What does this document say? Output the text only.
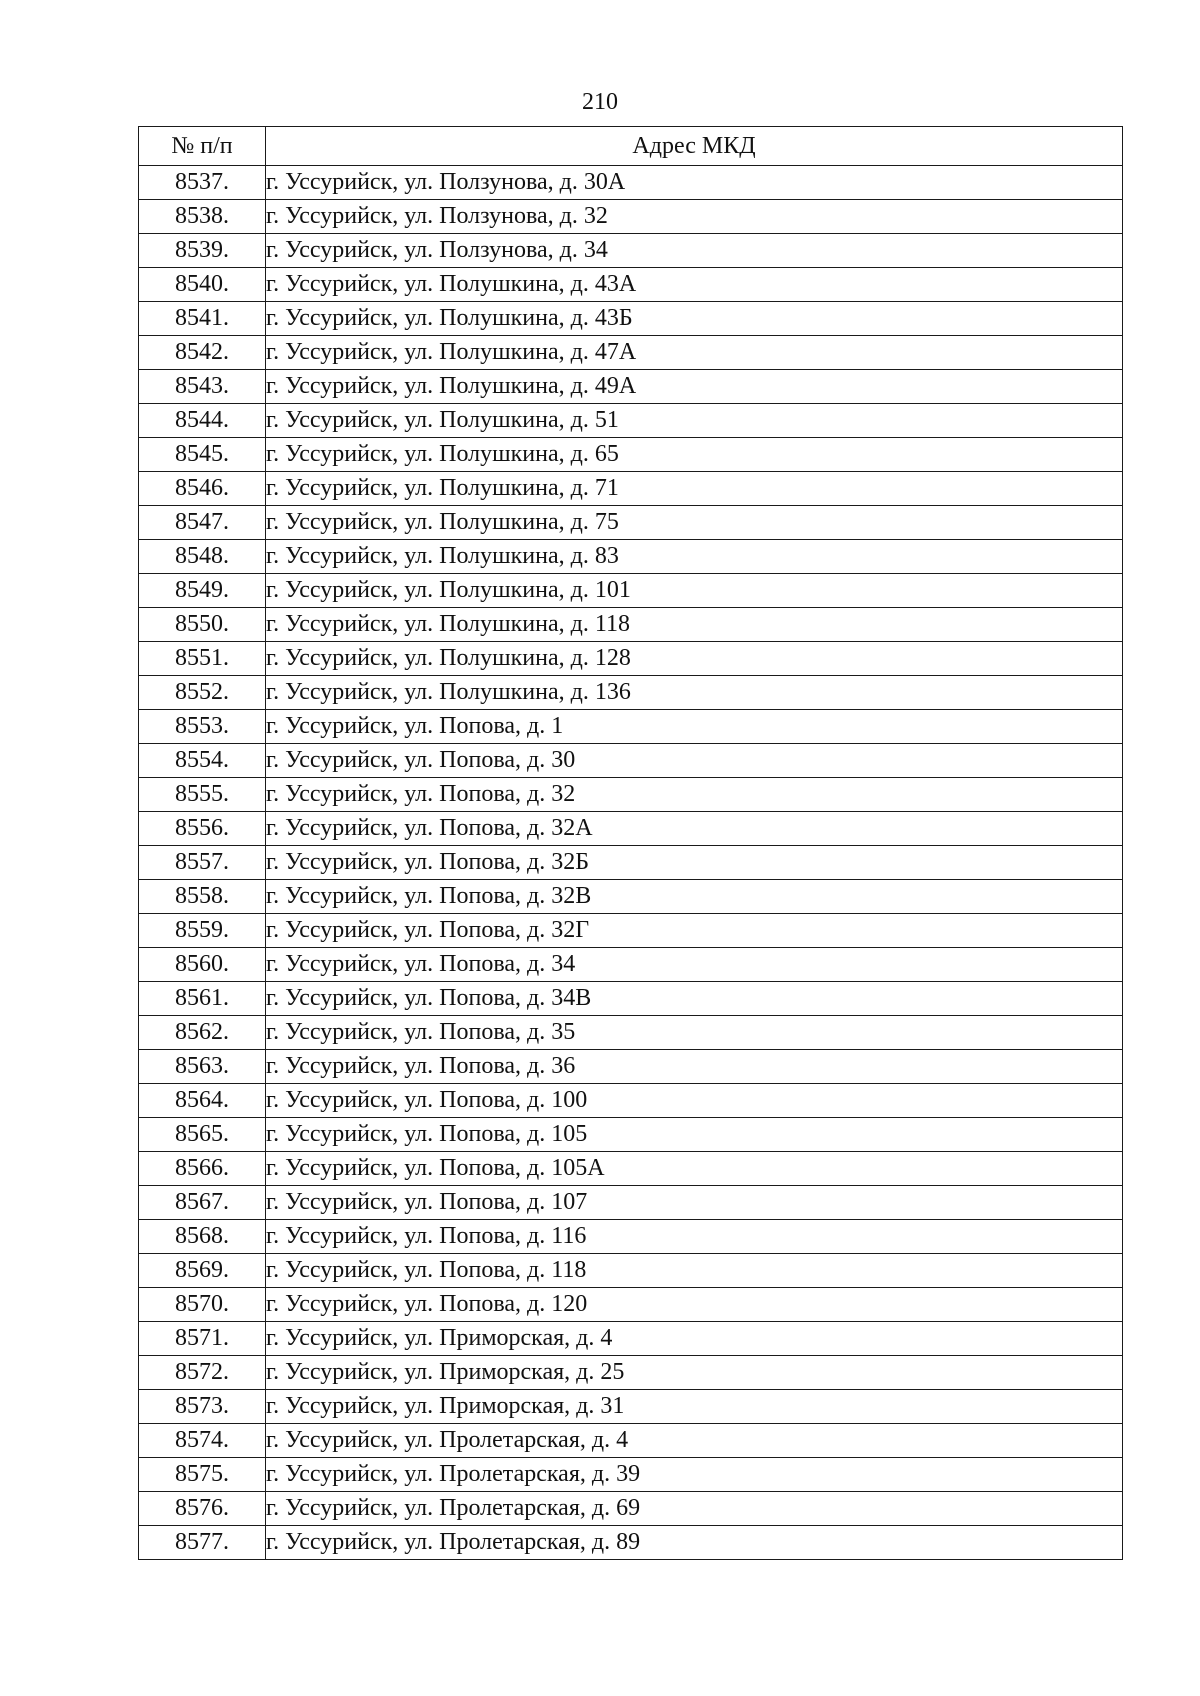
210
№ п/п	Адрес МКД
8537.	г. Уссурийск, ул. Ползунова, д. 30А
8538.	г. Уссурийск, ул. Ползунова, д. 32
8539.	г. Уссурийск, ул. Ползунова, д. 34
8540.	г. Уссурийск, ул. Полушкина, д. 43А
8541.	г. Уссурийск, ул. Полушкина, д. 43Б
8542.	г. Уссурийск, ул. Полушкина, д. 47А
8543.	г. Уссурийск, ул. Полушкина, д. 49А
8544.	г. Уссурийск, ул. Полушкина, д. 51
8545.	г. Уссурийск, ул. Полушкина, д. 65
8546.	г. Уссурийск, ул. Полушкина, д. 71
8547.	г. Уссурийск, ул. Полушкина, д. 75
8548.	г. Уссурийск, ул. Полушкина, д. 83
8549.	г. Уссурийск, ул. Полушкина, д. 101
8550.	г. Уссурийск, ул. Полушкина, д. 118
8551.	г. Уссурийск, ул. Полушкина, д. 128
8552.	г. Уссурийск, ул. Полушкина, д. 136
8553.	г. Уссурийск, ул. Попова, д. 1
8554.	г. Уссурийск, ул. Попова, д. 30
8555.	г. Уссурийск, ул. Попова, д. 32
8556.	г. Уссурийск, ул. Попова, д. 32А
8557.	г. Уссурийск, ул. Попова, д. 32Б
8558.	г. Уссурийск, ул. Попова, д. 32В
8559.	г. Уссурийск, ул. Попова, д. 32Г
8560.	г. Уссурийск, ул. Попова, д. 34
8561.	г. Уссурийск, ул. Попова, д. 34В
8562.	г. Уссурийск, ул. Попова, д. 35
8563.	г. Уссурийск, ул. Попова, д. 36
8564.	г. Уссурийск, ул. Попова, д. 100
8565.	г. Уссурийск, ул. Попова, д. 105
8566.	г. Уссурийск, ул. Попова, д. 105А
8567.	г. Уссурийск, ул. Попова, д. 107
8568.	г. Уссурийск, ул. Попова, д. 116
8569.	г. Уссурийск, ул. Попова, д. 118
8570.	г. Уссурийск, ул. Попова, д. 120
8571.	г. Уссурийск, ул. Приморская, д. 4
8572.	г. Уссурийск, ул. Приморская, д. 25
8573.	г. Уссурийск, ул. Приморская, д. 31
8574.	г. Уссурийск, ул. Пролетарская, д. 4
8575.	г. Уссурийск, ул. Пролетарская, д. 39
8576.	г. Уссурийск, ул. Пролетарская, д. 69
8577.	г. Уссурийск, ул. Пролетарская, д. 89
